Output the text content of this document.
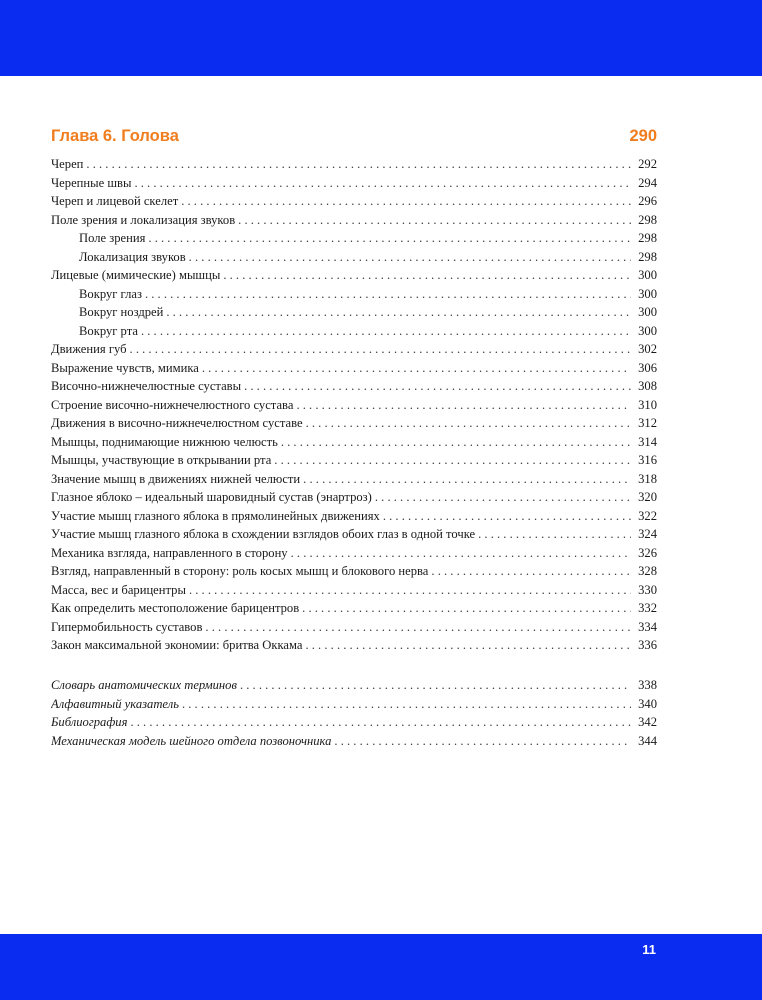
Глава 6. Голова	290
Череп . . .	292
Черепные швы . . .	294
Череп и лицевой скелет . . .	296
Поле зрения и локализация звуков . . .	298
Поле зрения . . .	298
Локализация звуков . . .	298
Лицевые (мимические) мышцы . . .	300
Вокруг глаз . . .	300
Вокруг ноздрей . . .	300
Вокруг рта . . .	300
Движения губ . . .	302
Выражение чувств, мимика . . .	306
Височно-нижнечелюстные суставы . . .	308
Строение височно-нижнечелюстного сустава . . .	310
Движения в височно-нижнечелюстном суставе . . .	312
Мышцы, поднимающие нижнюю челюсть . . .	314
Мышцы, участвующие в открывании рта . . .	316
Значение мышц в движениях нижней челюсти . . .	318
Глазное яблоко – идеальный шаровидный сустав (энартроз) . . .	320
Участие мышц глазного яблока в прямолинейных движениях . . .	322
Участие мышц глазного яблока в схождении взглядов обоих глаз в одной точке . . .	324
Механика взгляда, направленного в сторону . . .	326
Взгляд, направленный в сторону: роль косых мышц и блокового нерва . . .	328
Масса, вес и барицентры . . .	330
Как определить местоположение барицентров . . .	332
Гипермобильность суставов . . .	334
Закон максимальной экономии: бритва Оккама . . .	336
Словарь анатомических терминов . . .	338
Алфавитный указатель . . .	340
Библиография . . .	342
Механическая модель шейного отдела позвоночника . . .	344
11
